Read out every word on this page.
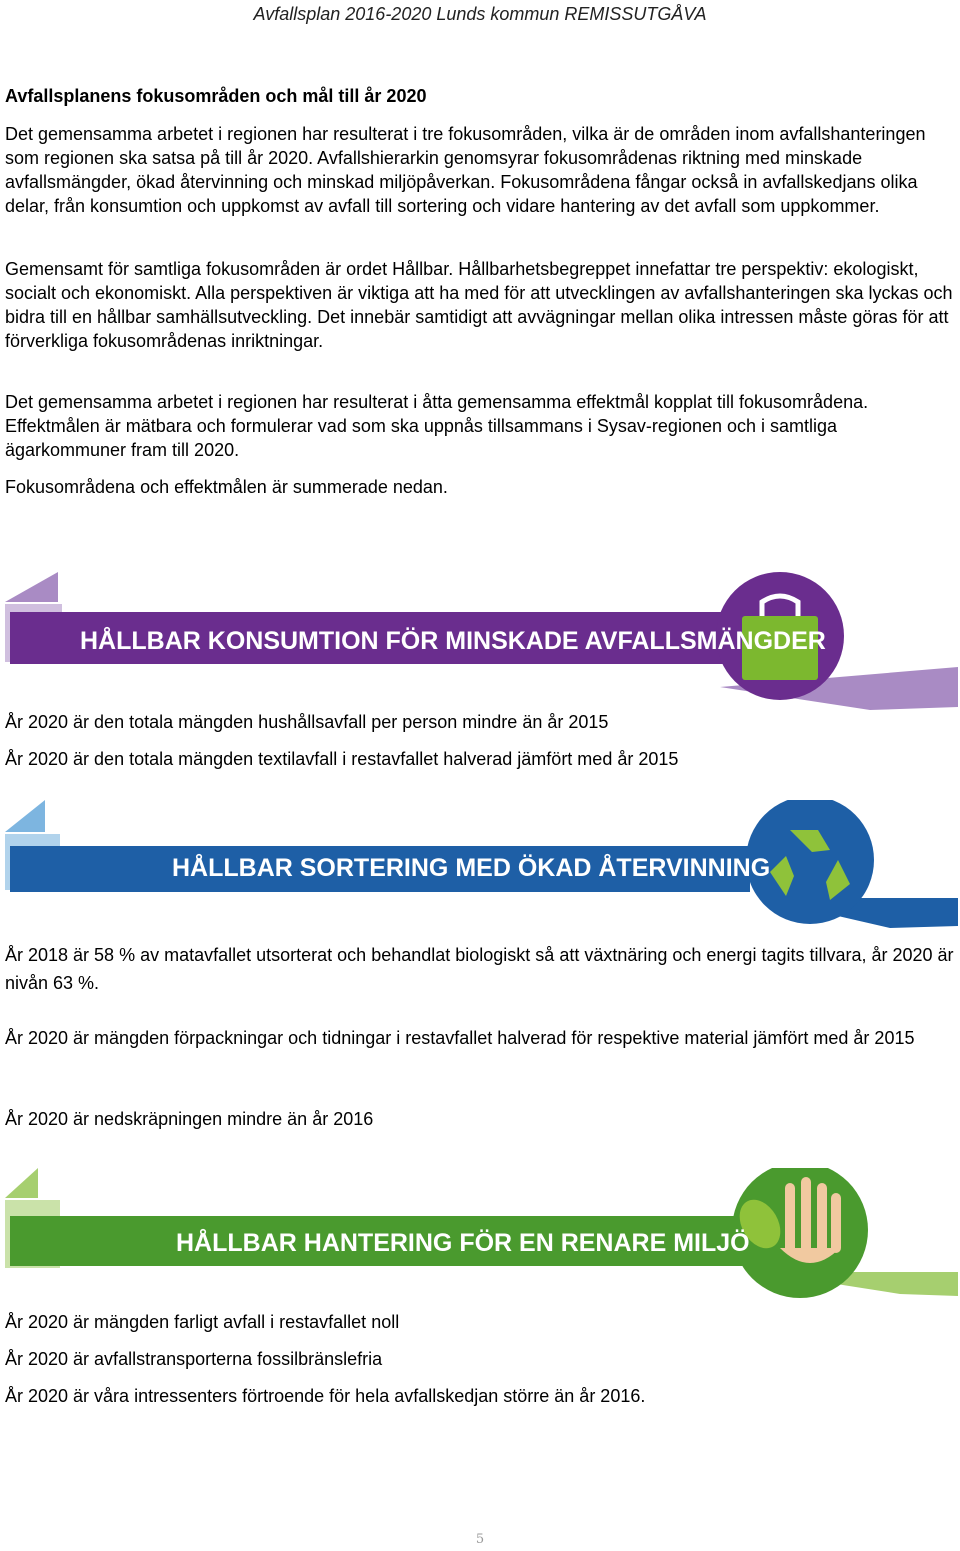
Avfallsplan 2016-2020 Lunds kommun REMISSUTGÅVA

Avfallsplanens fokusområden och mål till år 2020

Det gemensamma arbetet i regionen har resulterat i tre fokusområden, vilka är de områden inom avfallshanteringen som regionen ska satsa på till år 2020. Avfallshierarkin genomsyrar fokusområdenas riktning med minskade avfallsmängder, ökad återvinning och minskad miljöpåverkan. Fokusområdena fångar också in avfallskedjans olika delar, från konsumtion och uppkomst av avfall till sortering och vidare hantering av det avfall som uppkommer.

Gemensamt för samtliga fokusområden är ordet Hållbar. Hållbarhetsbegreppet innefattar tre perspektiv: ekologiskt, socialt och ekonomiskt. Alla perspektiven är viktiga att ha med för att utvecklingen av avfallshanteringen ska lyckas och bidra till en hållbar samhällsutveckling. Det innebär samtidigt att avvägningar mellan olika intressen måste göras för att förverkliga fokusområdenas inriktningar.

Det gemensamma arbetet i regionen har resulterat i åtta gemensamma effektmål kopplat till fokusområdena. Effektmålen är mätbara och formulerar vad som ska uppnås tillsammans i Sysav-regionen och i samtliga ägarkommuner fram till 2020.

Fokusområdena och effektmålen är summerade nedan.

HÅLLBAR KONSUMTION FÖR MINSKADE AVFALLSMÄNGDER

År 2020 är den totala mängden hushållsavfall per person mindre än år 2015

År 2020 är den totala mängden textilavfall i restavfallet halverad jämfört med år 2015

HÅLLBAR SORTERING MED ÖKAD ÅTERVINNING

År 2018 är 58 % av matavfallet utsorterat och behandlat biologiskt så att växtnäring och energi tagits tillvara, år 2020 är nivån 63 %.

År 2020 är mängden förpackningar och tidningar i restavfallet halverad för respektive material jämfört med år 2015

År 2020 är nedskräpningen mindre än år 2016

HÅLLBAR HANTERING FÖR EN RENARE MILJÖ

År 2020 är mängden farligt avfall i restavfallet noll

År 2020 är avfallstransporterna fossilbränslefria

År 2020 är våra intressenters förtroende för hela avfallskedjan större än år 2016.

5
